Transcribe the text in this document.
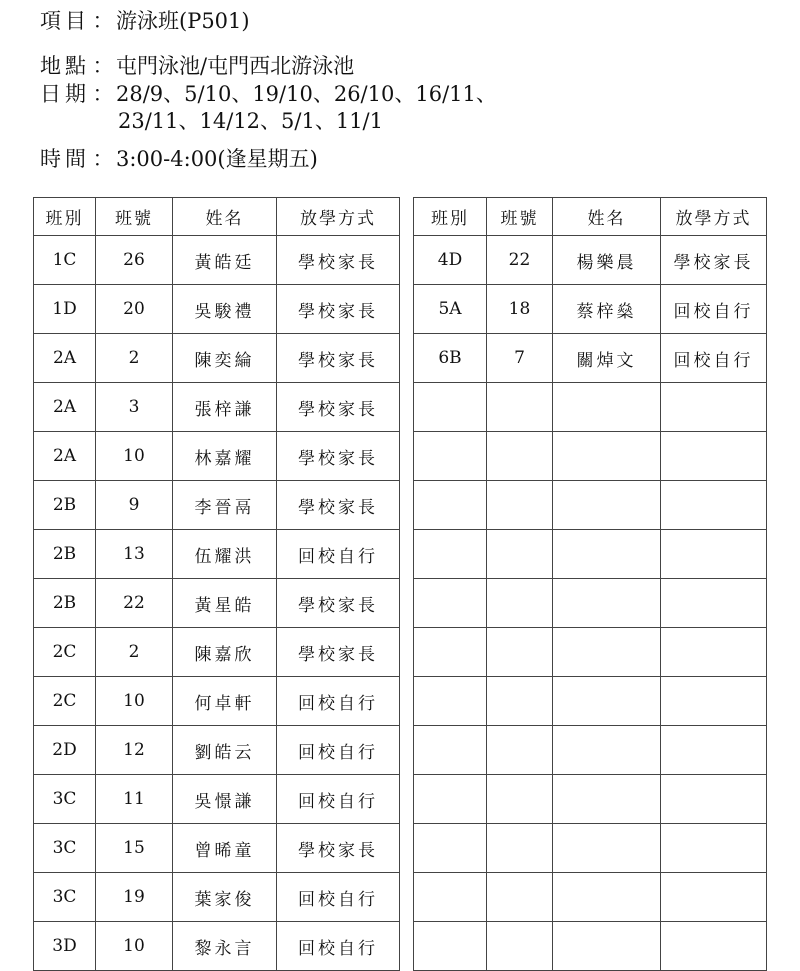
項目 ： 游泳班(P501)
地點 ： 屯門泳池/屯門西北游泳池
日期 ： 28/9、5/10、19/10、26/10、16/11、
23/11、14/12、5/1、11/1
時間 ： 3:00-4:00(逢星期五)
班別	班號	姓名	放學方式
1C	26	黃皓廷	學校家長
1D	20	吳駿禮	學校家長
2A	2	陳奕綸	學校家長
2A	3	張梓謙	學校家長
2A	10	林嘉耀	學校家長
2B	9	李晉鬲	學校家長
2B	13	伍耀洪	回校自行
2B	22	黃星皓	學校家長
2C	2	陳嘉欣	學校家長
2C	10	何卓軒	回校自行
2D	12	劉皓云	回校自行
3C	11	吳憬謙	回校自行
3C	15	曾晞童	學校家長
3C	19	葉家俊	回校自行
3D	10	黎永言	回校自行
班別	班號	姓名	放學方式
4D	22	楊樂晨	學校家長
5A	18	蔡梓燊	回校自行
6B	7	關焯文	回校自行
